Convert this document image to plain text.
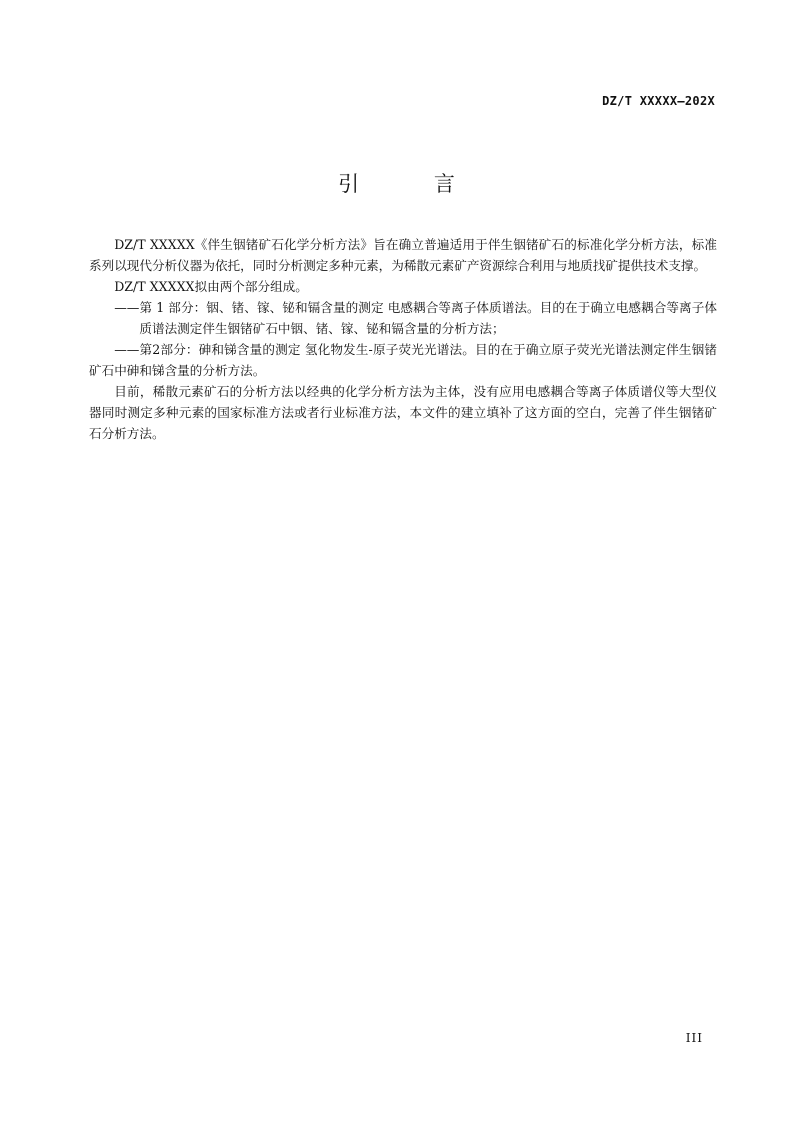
DZ/T XXXXX—202X
引 言

DZ/T XXXXX《伴生铟锗矿石化学分析方法》旨在确立普遍适用于伴生铟锗矿石的标准化学分析方法，标准系列以现代分析仪器为依托，同时分析测定多种元素，为稀散元素矿产资源综合利用与地质找矿提供技术支撑。

DZ/T XXXXX拟由两个部分组成。

——第 1 部分：铟、锗、镓、铋和镉含量的测定 电感耦合等离子体质谱法。目的在于确立电感耦合等离子体质谱法测定伴生铟锗矿石中铟、锗、镓、铋和镉含量的分析方法；

——第2部分：砷和锑含量的测定 氢化物发生-原子荧光光谱法。目的在于确立原子荧光光谱法测定伴生铟锗矿石中砷和锑含量的分析方法。

目前，稀散元素矿石的分析方法以经典的化学分析方法为主体，没有应用电感耦合等离子体质谱仪等大型仪器同时测定多种元素的国家标准方法或者行业标准方法，本文件的建立填补了这方面的空白，完善了伴生铟锗矿石分析方法。

III
